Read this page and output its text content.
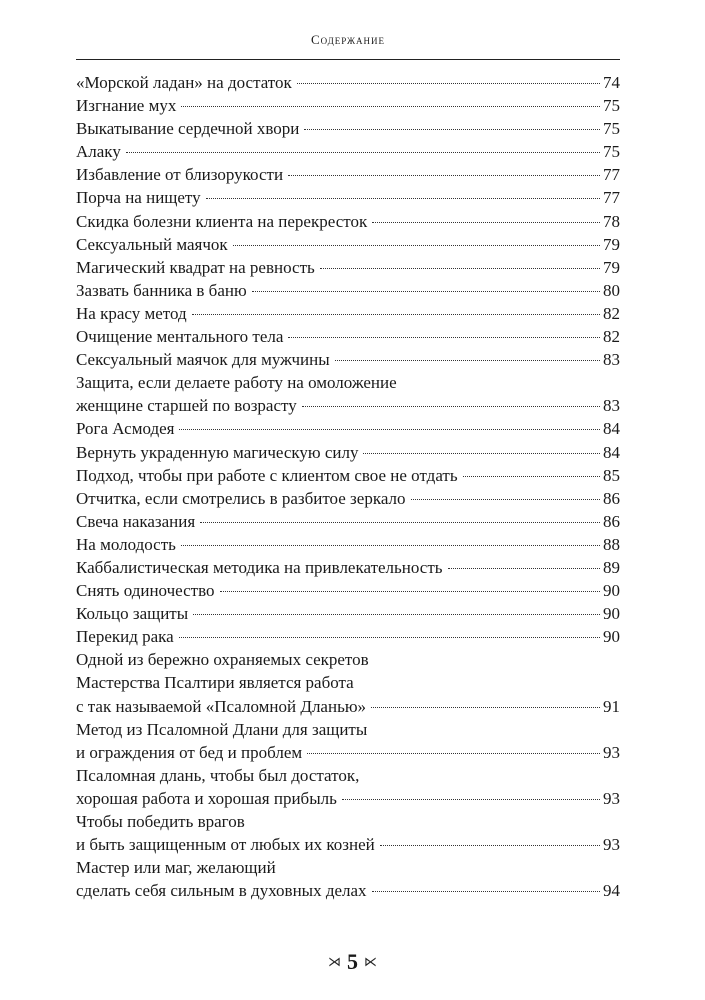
Содержание
«Морской ладан» на достаток	74
Изгнание мух	75
Выкатывание сердечной хвори	75
Алаку	75
Избавление от близорукости	77
Порча на нищету	77
Скидка болезни клиента на перекресток	78
Сексуальный маячок	79
Магический квадрат на ревность	79
Зазвать банника в баню	80
На красу метод	82
Очищение ментального тела	82
Сексуальный маячок для мужчины	83
Защита, если делаете работу на омоложение
женщине старшей по возрасту	83
Рога Асмодея	84
Вернуть украденную магическую силу	84
Подход, чтобы при работе с клиентом свое не отдать	85
Отчитка, если смотрелись в разбитое зеркало	86
Свеча наказания	86
На молодость	88
Каббалистическая методика на привлекательность	89
Снять одиночество	90
Кольцо защиты	90
Перекид рака	90
Одной из бережно охраняемых секретов
Мастерства Псалтири является работа
с так называемой «Псаломной Дланью»	91
Метод из Псаломной Длани для защиты
и ограждения от бед и проблем	93
Псаломная длань, чтобы был достаток,
хорошая работа и хорошая прибыль	93
Чтобы победить врагов
и быть защищенным от любых их козней	93
Мастер или маг, желающий
сделать себя сильным в духовных делах	94
⋊ 5 ⋉
